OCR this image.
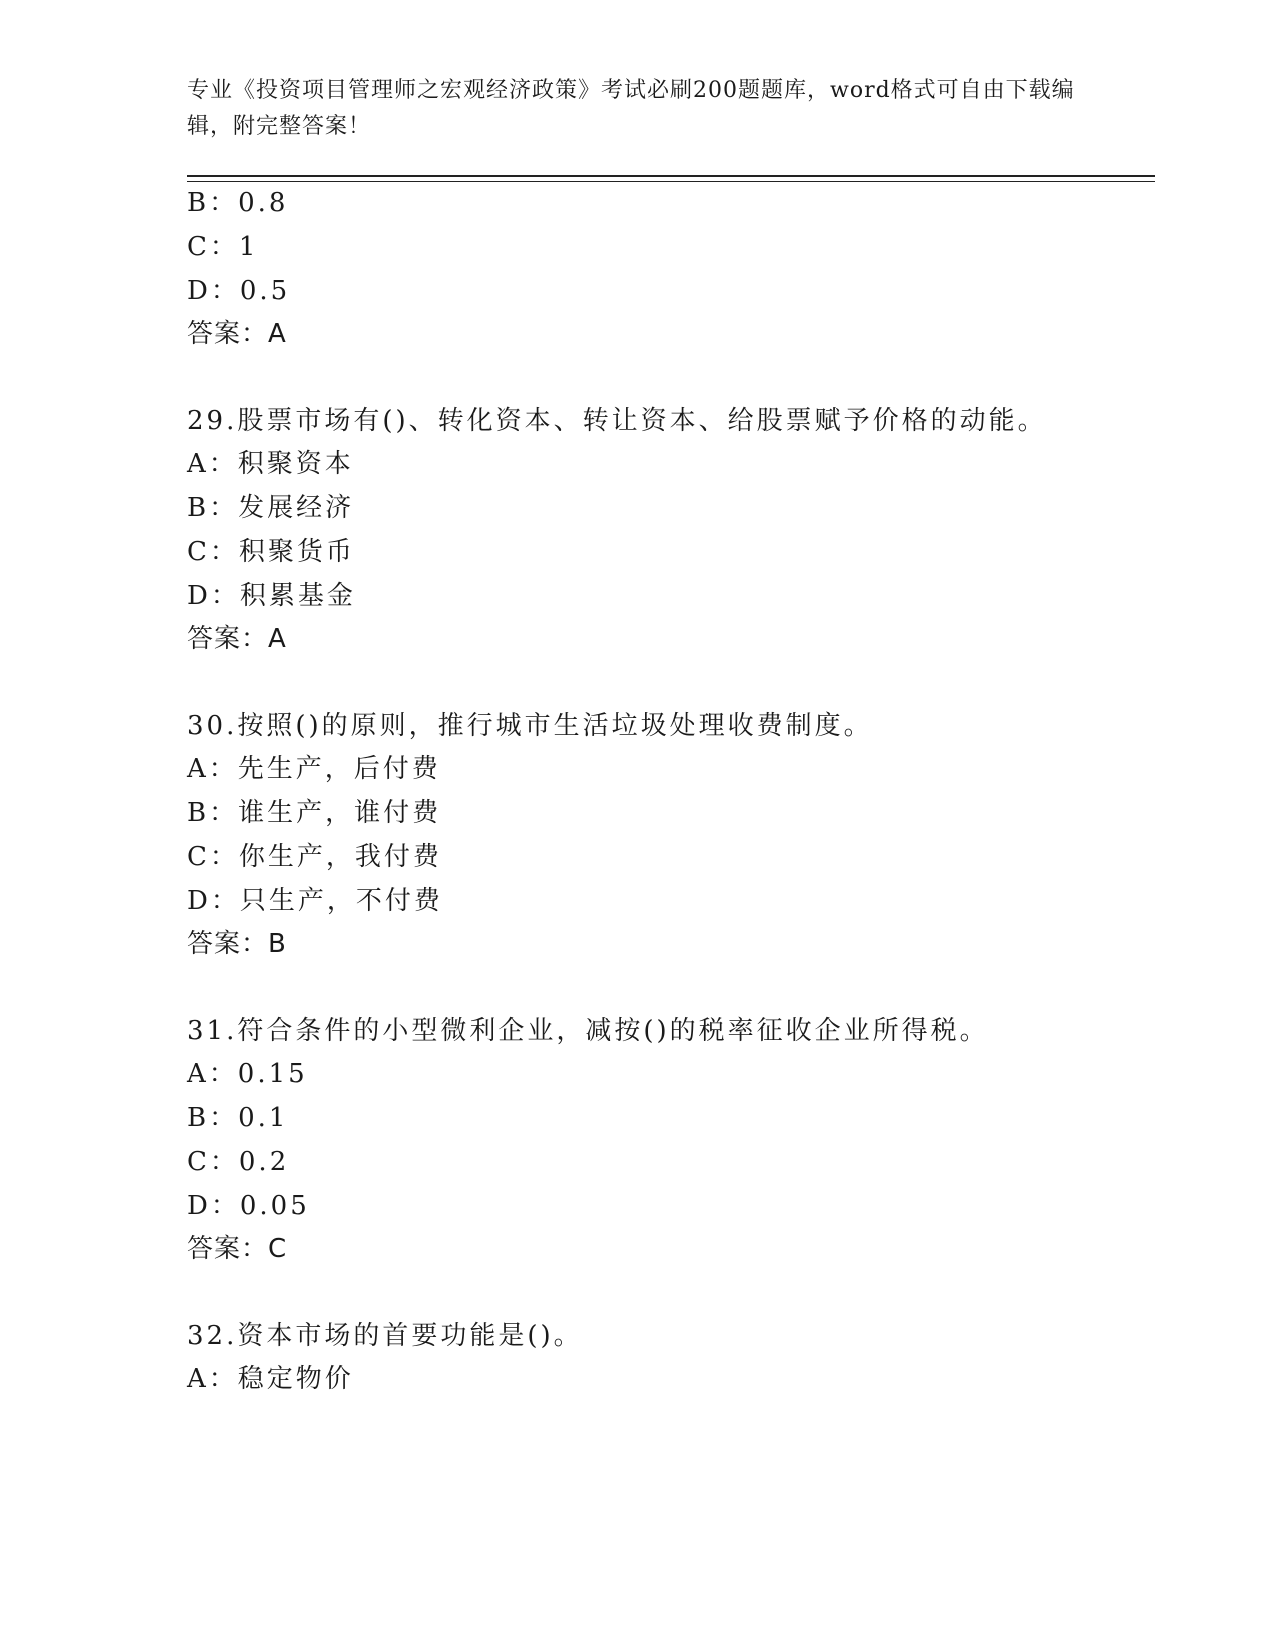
专业《投资项目管理师之宏观经济政策》考试必刷200题题库，word格式可自由下载编辑，附完整答案！
B：0.8
C：1
D：0.5
答案：A
29.股票市场有()、转化资本、转让资本、给股票赋予价格的动能。
A：积聚资本
B：发展经济
C：积聚货币
D：积累基金
答案：A
30.按照()的原则，推行城市生活垃圾处理收费制度。
A：先生产，后付费
B：谁生产，谁付费
C：你生产，我付费
D：只生产，不付费
答案：B
31.符合条件的小型微利企业，减按()的税率征收企业所得税。
A：0.15
B：0.1
C：0.2
D：0.05
答案：C
32.资本市场的首要功能是()。
A：稳定物价
